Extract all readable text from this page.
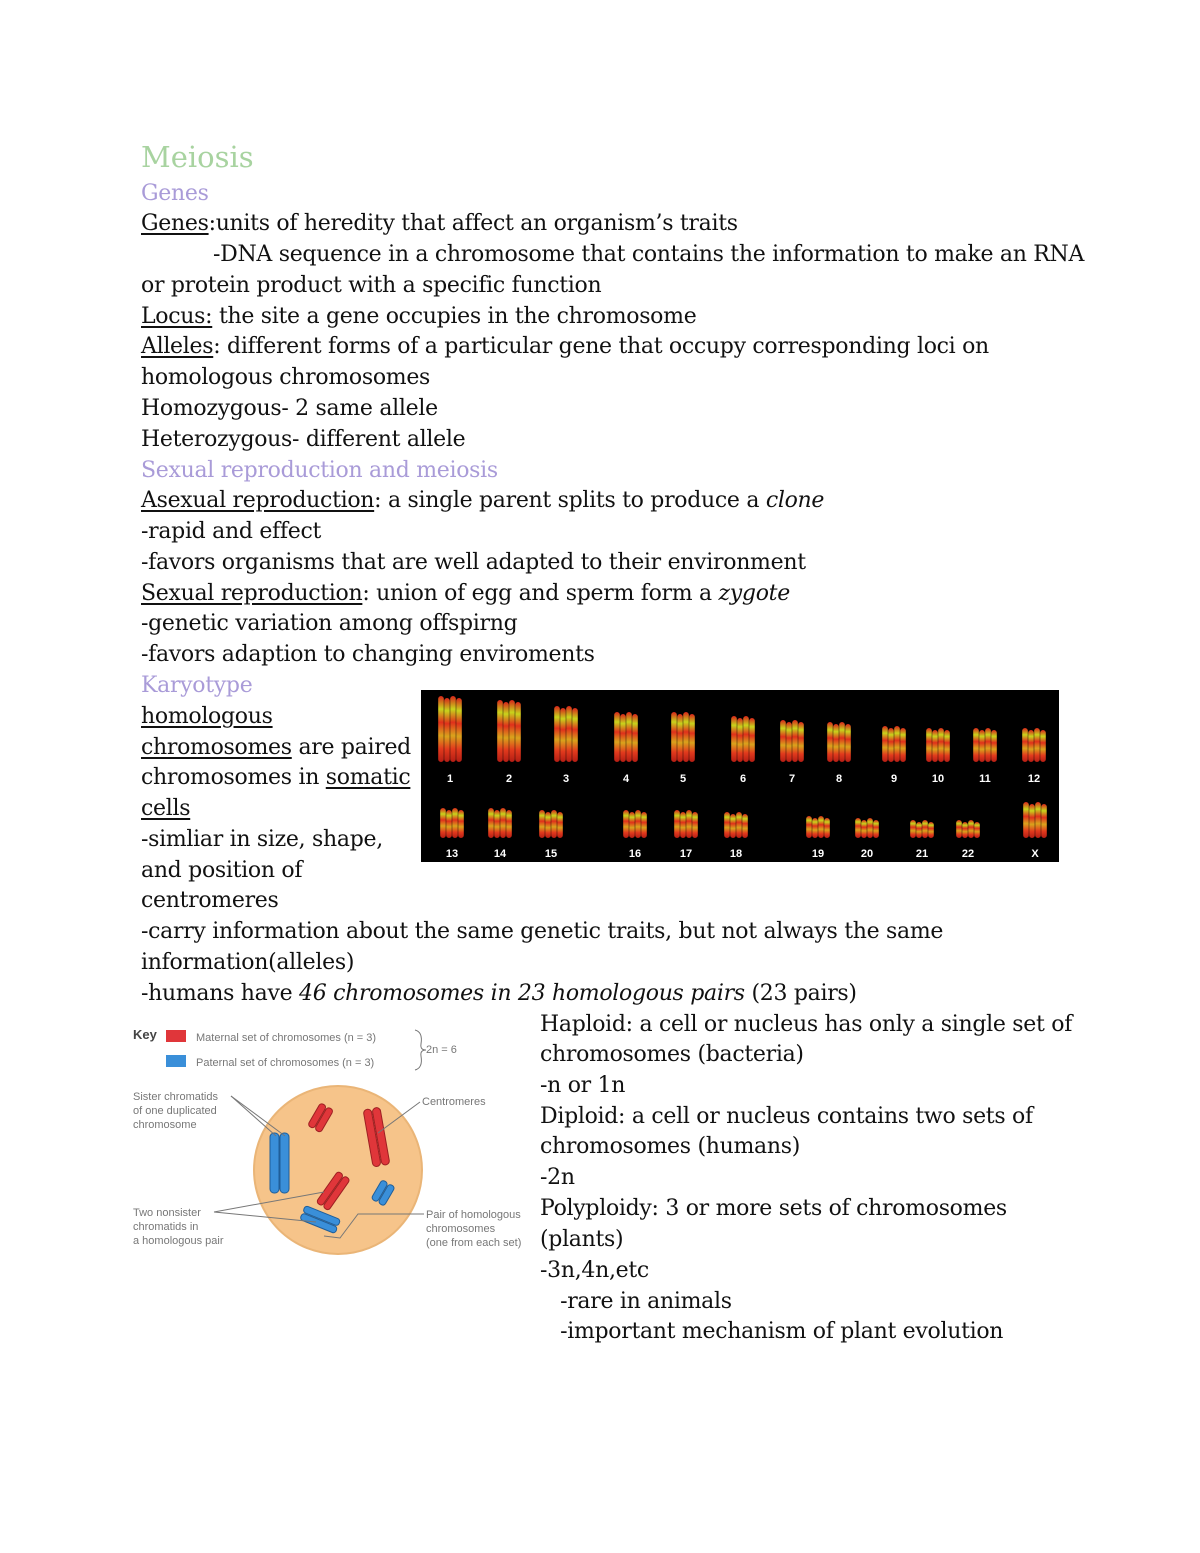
Meiosis
Genes
Genes:units of heredity that affect an organism’s traits
-DNA sequence in a chromosome that contains the information to make an RNA
or protein product with a specific function
Locus: the site a gene occupies in the chromosome
Alleles: different forms of a particular gene that occupy corresponding loci on
homologous chromosomes
Homozygous- 2 same allele
Heterozygous- different allele
Sexual reproduction and meiosis
Asexual reproduction: a single parent splits to produce a clone
-rapid and effect
-favors organisms that are well adapted to their environment
Sexual reproduction: union of egg and sperm form a zygote
-genetic variation among offspirng
-favors adaption to changing enviroments
Karyotype
homologous
chromosomes are paired
chromosomes in somatic
cells
-simliar in size, shape,
and position of
centromeres
-carry information about the same genetic traits, but not always the same
information(alleles)
-humans have 46 chromosomes in 23 homologous pairs (23 pairs)
1	2	3	4	5	6	7	8	9	10	11	12
13	14	15	16	17	18	19	20	21	22	X
Key	Maternal set of chromosomes (n = 3)
Paternal set of chromosomes (n = 3)
2n = 6
Sister chromatids
of one duplicated
chromosome
Centromeres
Two nonsister
chromatids in
a homologous pair
Pair of homologous
chromosomes
(one from each set)
Haploid: a cell or nucleus has only a single set of
chromosomes (bacteria)
-n or 1n
Diploid: a cell or nucleus contains two sets of
chromosomes (humans)
-2n
Polyploidy: 3 or more sets of chromosomes
(plants)
-3n,4n,etc
-rare in animals
-important mechanism of plant evolution
